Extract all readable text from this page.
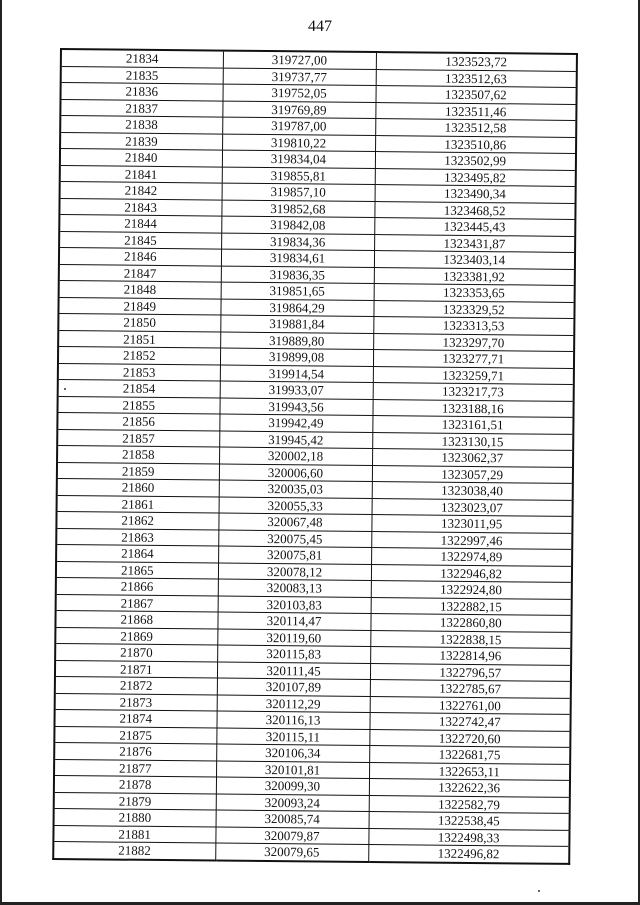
447
21834	319727,00	1323523,72
21835	319737,77	1323512,63
21836	319752,05	1323507,62
21837	319769,89	1323511,46
21838	319787,00	1323512,58
21839	319810,22	1323510,86
21840	319834,04	1323502,99
21841	319855,81	1323495,82
21842	319857,10	1323490,34
21843	319852,68	1323468,52
21844	319842,08	1323445,43
21845	319834,36	1323431,87
21846	319834,61	1323403,14
21847	319836,35	1323381,92
21848	319851,65	1323353,65
21849	319864,29	1323329,52
21850	319881,84	1323313,53
21851	319889,80	1323297,70
21852	319899,08	1323277,71
21853	319914,54	1323259,71
21854	319933,07	1323217,73
21855	319943,56	1323188,16
21856	319942,49	1323161,51
21857	319945,42	1323130,15
21858	320002,18	1323062,37
21859	320006,60	1323057,29
21860	320035,03	1323038,40
21861	320055,33	1323023,07
21862	320067,48	1323011,95
21863	320075,45	1322997,46
21864	320075,81	1322974,89
21865	320078,12	1322946,82
21866	320083,13	1322924,80
21867	320103,83	1322882,15
21868	320114,47	1322860,80
21869	320119,60	1322838,15
21870	320115,83	1322814,96
21871	320111,45	1322796,57
21872	320107,89	1322785,67
21873	320112,29	1322761,00
21874	320116,13	1322742,47
21875	320115,11	1322720,60
21876	320106,34	1322681,75
21877	320101,81	1322653,11
21878	320099,30	1322622,36
21879	320093,24	1322582,79
21880	320085,74	1322538,45
21881	320079,87	1322498,33
21882	320079,65	1322496,82
